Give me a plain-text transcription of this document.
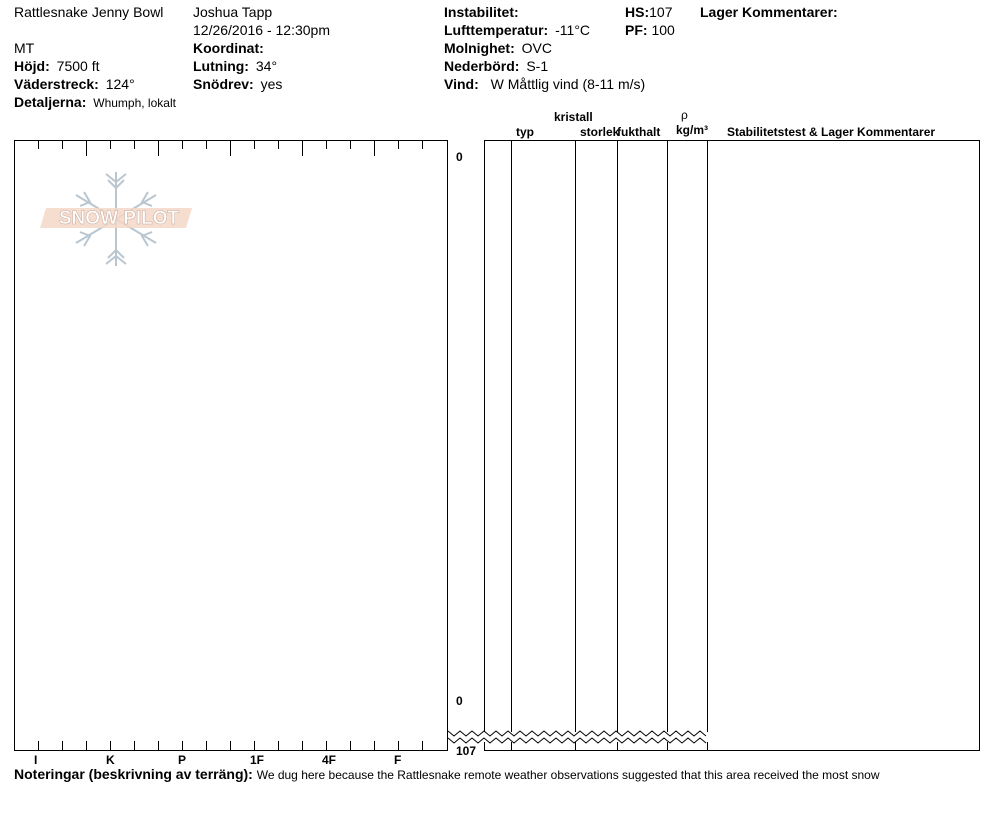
Rattlesnake Jenny Bowl
MT
Höjd: 7500 ft
Väderstreck: 124°
Detaljerna: Whumph, lokalt
Joshua Tapp
12/26/2016 - 12:30pm
Koordinat:
Lutning: 34°
Snödrev: yes
Instabilitet:
Lufttemperatur: -11°C
Molnighet: OVC
Nederbörd: S-1
Vind: W Måttlig vind (8-11 m/s)
HS:107
PF: 100
Lager Kommentarer:
I	K	P	1F	4F	F
SNOW PILOT
0
0
107
typ
kristall
storlek
fukthalt
ρ
kg/m³ Stabilitetstest & Lager Kommentarer
Noteringar (beskrivning av terräng): We dug here because the Rattlesnake remote weather observations suggested that this area received the most snow
